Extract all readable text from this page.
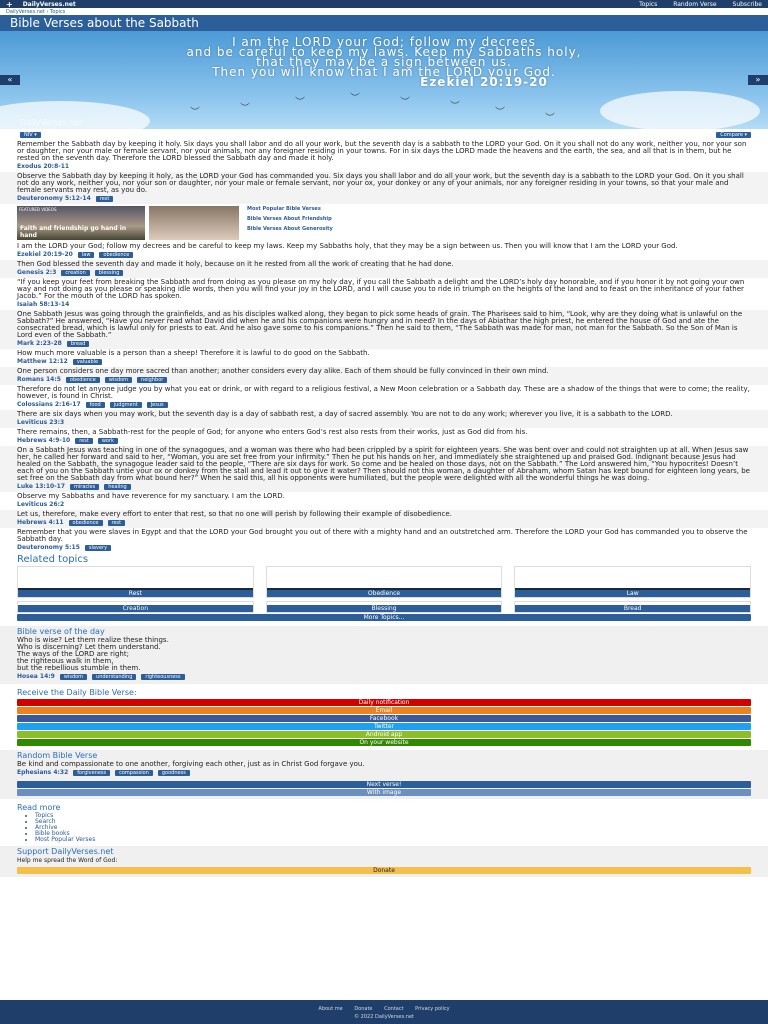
+ DailyVerses.net	Topics	Random Verse	Subscribe
DailyVerses.net › Topics
Bible Verses about the Sabbath
I am the LORD your God; follow my decrees
and be careful to keep my laws. Keep my Sabbaths holy,
that they may be a sign between us.
Then you will know that I am the LORD your God.
Ezekiel 20:19-20
︶	︶
︶	︶	︶	︶
︶
︶
«	»
DailyVerses.net
NIV ▾	Compare ▾
Remember the Sabbath day by keeping it holy. Six days you shall labor and do all your work, but the seventh day is a sabbath to the LORD your God. On it you shall not do any work, neither you, nor your son or daughter, nor your male or female servant, nor your animals, nor any foreigner residing in your towns. For in six days the LORD made the heavens and the earth, the sea, and all that is in them, but he rested on the seventh day. Therefore the LORD blessed the Sabbath day and made it holy.
Exodus 20:8-11
Observe the Sabbath day by keeping it holy, as the LORD your God has commanded you. Six days you shall labor and do all your work, but the seventh day is a sabbath to the LORD your God. On it you shall not do any work, neither you, nor your son or daughter, nor your male or female servant, nor your ox, your donkey or any of your animals, nor any foreigner residing in your towns, so that your male and female servants may rest, as you do.
Deuteronomy 5:12-14	rest
FEATURED VIDEOS
Faith and friendship go hand in hand
Most Popular Bible Verses
Bible Verses About Friendship
Bible Verses About Generosity
I am the LORD your God; follow my decrees and be careful to keep my laws. Keep my Sabbaths holy, that they may be a sign between us. Then you will know that I am the LORD your God.
Ezekiel 20:19-20	law	obedience
Then God blessed the seventh day and made it holy, because on it he rested from all the work of creating that he had done.
Genesis 2:3	creation	blessing
“If you keep your feet from breaking the Sabbath and from doing as you please on my holy day, if you call the Sabbath a delight and the LORD’s holy day honorable, and if you honor it by not going your own way and not doing as you please or speaking idle words, then you will find your joy in the LORD, and I will cause you to ride in triumph on the heights of the land and to feast on the inheritance of your father Jacob.” For the mouth of the LORD has spoken.
Isaiah 58:13-14
One Sabbath Jesus was going through the grainfields, and as his disciples walked along, they began to pick some heads of grain. The Pharisees said to him, “Look, why are they doing what is unlawful on the Sabbath?” He answered, “Have you never read what David did when he and his companions were hungry and in need? In the days of Abiathar the high priest, he entered the house of God and ate the consecrated bread, which is lawful only for priests to eat. And he also gave some to his companions.” Then he said to them, “The Sabbath was made for man, not man for the Sabbath. So the Son of Man is Lord even of the Sabbath.”
Mark 2:23-28	bread
How much more valuable is a person than a sheep! Therefore it is lawful to do good on the Sabbath.
Matthew 12:12	valuable
One person considers one day more sacred than another; another considers every day alike. Each of them should be fully convinced in their own mind.
Romans 14:5	obedience	wisdom	neighbor
Therefore do not let anyone judge you by what you eat or drink, or with regard to a religious festival, a New Moon celebration or a Sabbath day. These are a shadow of the things that were to come; the reality, however, is found in Christ.
Colossians 2:16-17	food	judgment	Jesus
There are six days when you may work, but the seventh day is a day of sabbath rest, a day of sacred assembly. You are not to do any work; wherever you live, it is a sabbath to the LORD.
Leviticus 23:3
There remains, then, a Sabbath-rest for the people of God; for anyone who enters God’s rest also rests from their works, just as God did from his.
Hebrews 4:9-10	rest	work
On a Sabbath Jesus was teaching in one of the synagogues, and a woman was there who had been crippled by a spirit for eighteen years. She was bent over and could not straighten up at all. When Jesus saw her, he called her forward and said to her, “Woman, you are set free from your infirmity.” Then he put his hands on her, and immediately she straightened up and praised God. Indignant because Jesus had healed on the Sabbath, the synagogue leader said to the people, “There are six days for work. So come and be healed on those days, not on the Sabbath.” The Lord answered him, “You hypocrites! Doesn’t each of you on the Sabbath untie your ox or donkey from the stall and lead it out to give it water? Then should not this woman, a daughter of Abraham, whom Satan has kept bound for eighteen long years, be set free on the Sabbath day from what bound her?” When he said this, all his opponents were humiliated, but the people were delighted with all the wonderful things he was doing.
Luke 13:10-17	miracles	healing
Observe my Sabbaths and have reverence for my sanctuary. I am the LORD.
Leviticus 26:2
Let us, therefore, make every effort to enter that rest, so that no one will perish by following their example of disobedience.
Hebrews 4:11	obedience	rest
Remember that you were slaves in Egypt and that the LORD your God brought you out of there with a mighty hand and an outstretched arm. Therefore the LORD your God has commanded you to observe the Sabbath day.
Deuteronomy 5:15	slavery
Related topics
Rest	Obedience	Law
Creation	Blessing	Bread
More Topics...
Bible verse of the day
Who is wise? Let them realize these things.
Who is discerning? Let them understand.
The ways of the LORD are right;
the righteous walk in them,
but the rebellious stumble in them.
Hosea 14:9	wisdom	understanding	righteousness
Receive the Daily Bible Verse:
Daily notification
Email
Facebook
Twitter
Android app
On your website
Random Bible Verse
Be kind and compassionate to one another, forgiving each other, just as in Christ God forgave you.
Ephesians 4:32	forgiveness	compassion	goodness
Next verse!
With image
Read more
• Topics
• Search
• Archive
• Bible books
• Most Popular Verses
Support DailyVerses.net
Help me spread the Word of God:
Donate
About me Donate Contact Privacy policy
© 2022 DailyVerses.net
